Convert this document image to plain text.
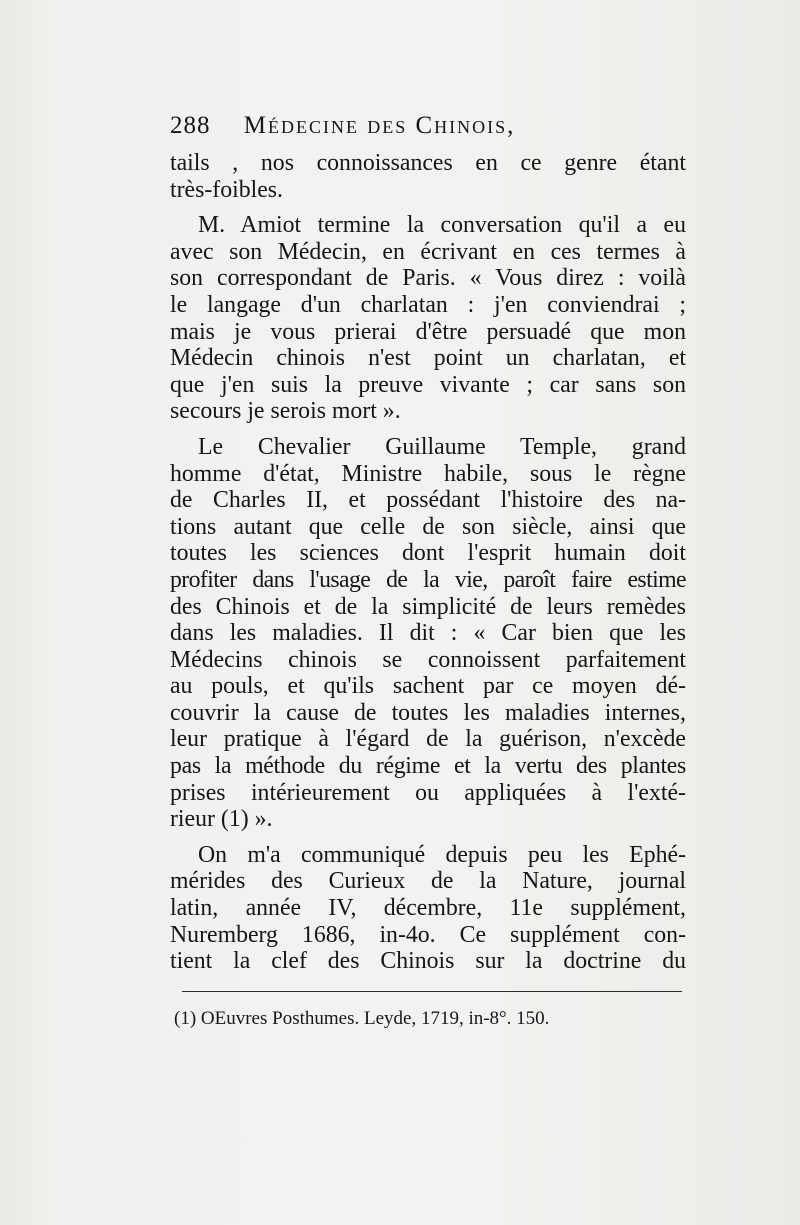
288 Médecine des Chinois,
tails , nos connoissances en ce genre étant
très-foibles.
M. Amiot termine la conversation qu'il a eu
avec son Médecin, en écrivant en ces termes à
son correspondant de Paris. « Vous direz : voilà
le langage d'un charlatan : j'en conviendrai ;
mais je vous prierai d'être persuadé que mon
Médecin chinois n'est point un charlatan, et
que j'en suis la preuve vivante ; car sans son
secours je serois mort ».
Le Chevalier Guillaume Temple, grand
homme d'état, Ministre habile, sous le règne
de Charles II, et possédant l'histoire des na-
tions autant que celle de son siècle, ainsi que
toutes les sciences dont l'esprit humain doit
profiter dans l'usage de la vie, paroît faire estime
des Chinois et de la simplicité de leurs remèdes
dans les maladies. Il dit : « Car bien que les
Médecins chinois se connoissent parfaitement
au pouls, et qu'ils sachent par ce moyen dé-
couvrir la cause de toutes les maladies internes,
leur pratique à l'égard de la guérison, n'excède
pas la méthode du régime et la vertu des plantes
prises intérieurement ou appliquées à l'exté-
rieur (1) ».
On m'a communiqué depuis peu les Ephé-
mérides des Curieux de la Nature, journal
latin, année IV, décembre, 11e supplément,
Nuremberg 1686, in-4o. Ce supplément con-
tient la clef des Chinois sur la doctrine du
(1) OEuvres Posthumes. Leyde, 1719, in-8°. 150.
